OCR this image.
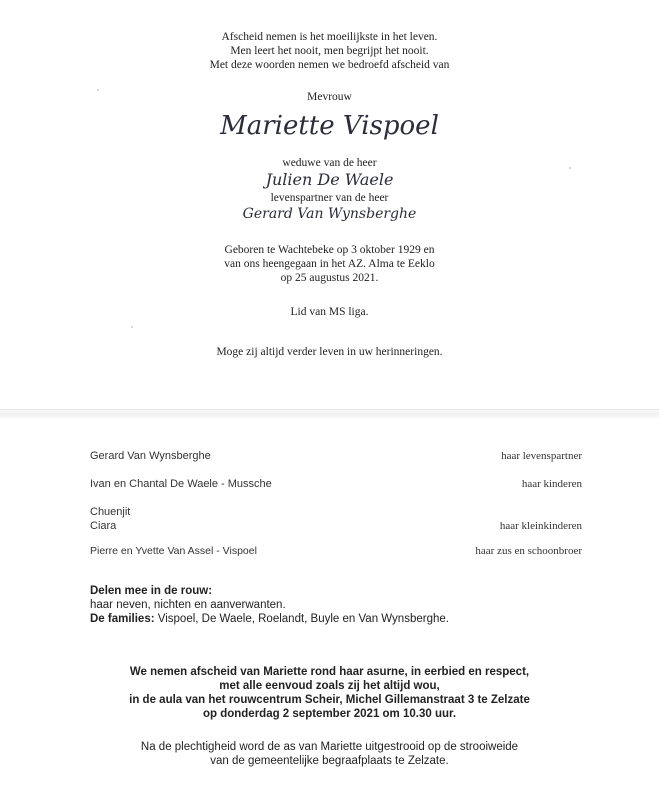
Afscheid nemen is het moeilijkste in het leven.
Men leert het nooit, men begrijpt het nooit.
Met deze woorden nemen we bedroefd afscheid van
Mevrouw
Mariette Vispoel
weduwe van de heer
Julien De Waele
levenspartner van de heer
Gerard Van Wynsberghe
Geboren te Wachtebeke op 3 oktober 1929 en
van ons heengegaan in het AZ. Alma te Eeklo
op 25 augustus 2021.
Lid van MS liga.
Moge zij altijd verder leven in uw herinneringen.
Gerard Van Wynsberghe	haar levenspartner
Ivan en Chantal De Waele - Mussche	haar kinderen
Chuenjit
Ciara	haar kleinkinderen
Pierre en Yvette Van Assel - Vispoel	haar zus en schoonbroer
Delen mee in de rouw:
haar neven, nichten en aanverwanten.
De families: Vispoel, De Waele, Roelandt, Buyle en Van Wynsberghe.
We nemen afscheid van Mariette rond haar asurne, in eerbied en respect,
met alle eenvoud zoals zij het altijd wou,
in de aula van het rouwcentrum Scheir, Michel Gillemanstraat 3 te Zelzate
op donderdag 2 september 2021 om 10.30 uur.
Na de plechtigheid word de as van Mariette uitgestrooid op de strooiweide
van de gemeentelijke begraafplaats te Zelzate.
